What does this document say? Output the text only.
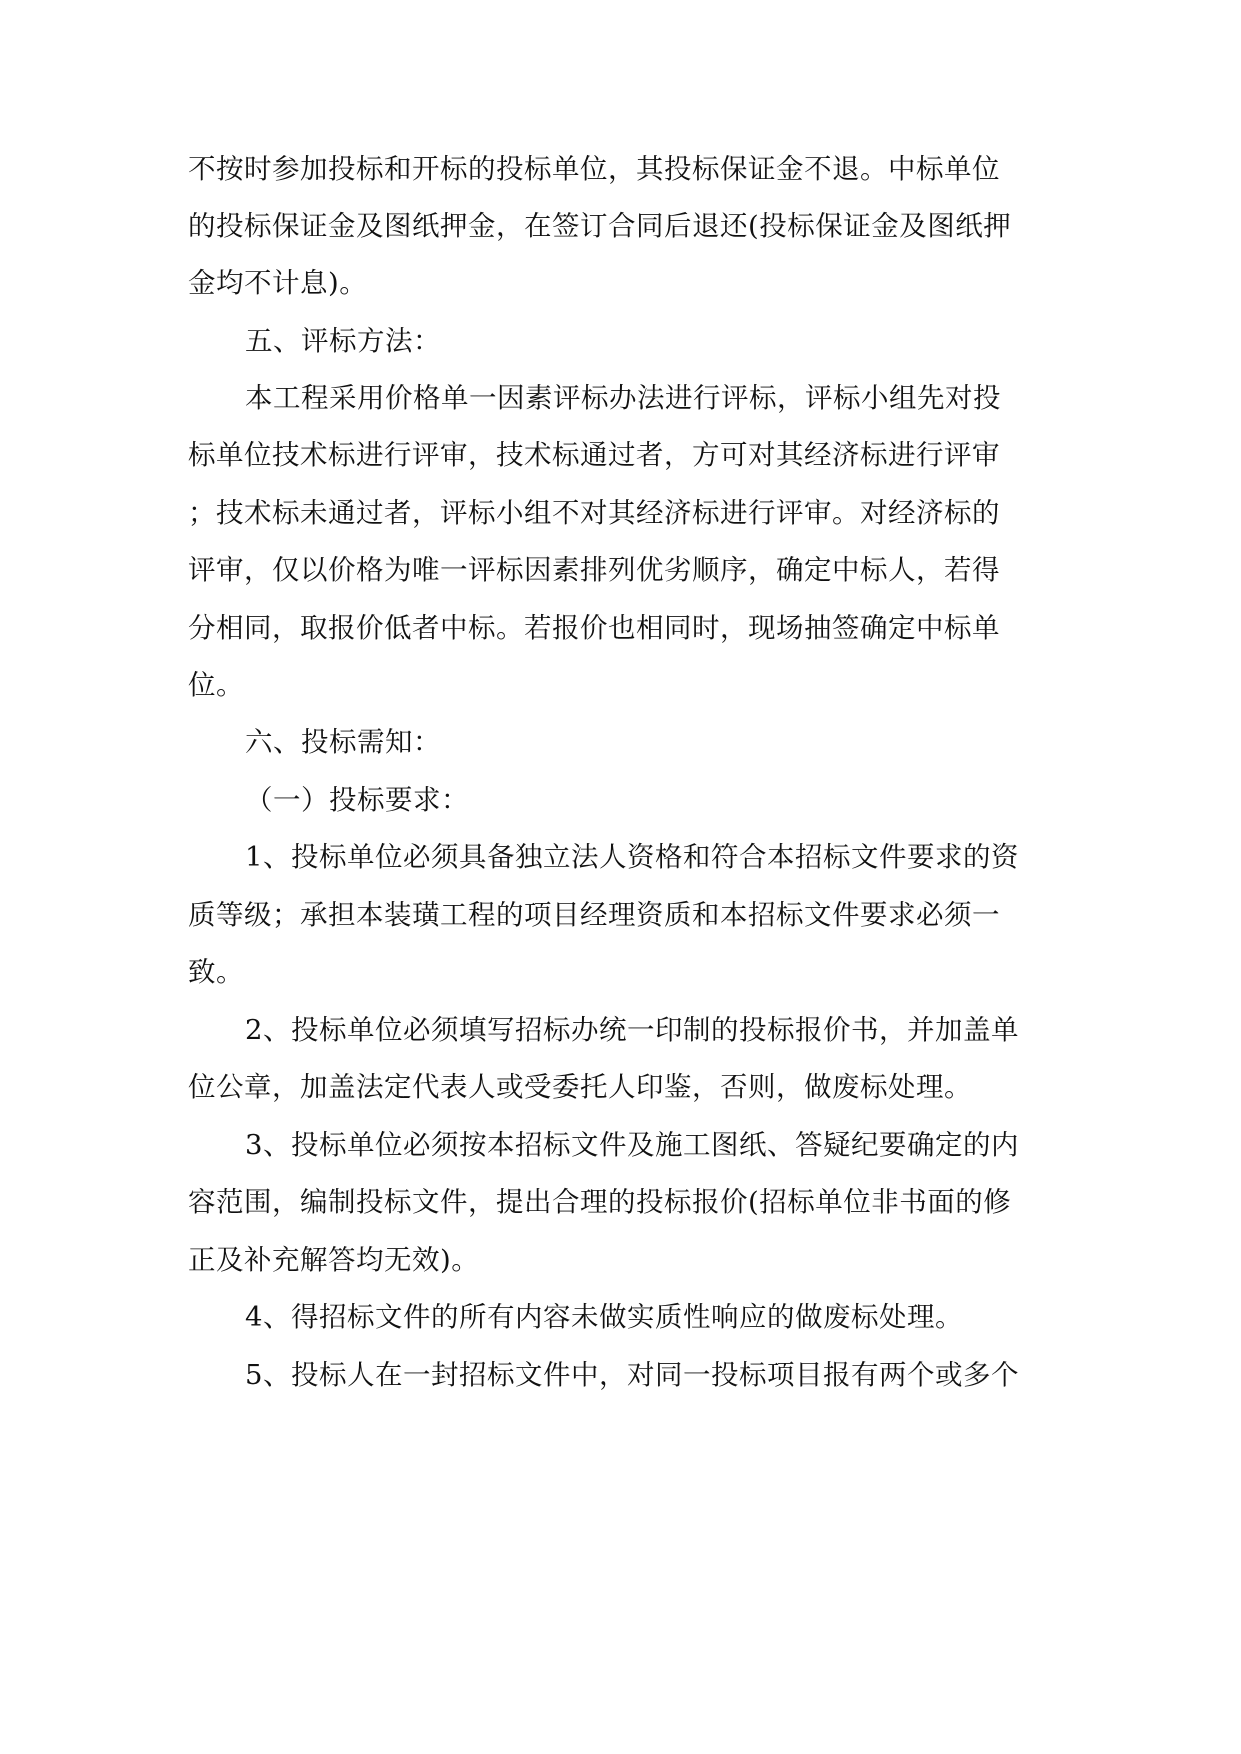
不按时参加投标和开标的投标单位，其投标保证金不退。中标单位
的投标保证金及图纸押金，在签订合同后退还(投标保证金及图纸押
金均不计息)。
五、评标方法：
本工程采用价格单一因素评标办法进行评标，评标小组先对投
标单位技术标进行评审，技术标通过者，方可对其经济标进行评审
；技术标未通过者，评标小组不对其经济标进行评审。对经济标的
评审，仅以价格为唯一评标因素排列优劣顺序，确定中标人，若得
分相同，取报价低者中标。若报价也相同时，现场抽签确定中标单
位。
六、投标需知：
（一）投标要求：
1、投标单位必须具备独立法人资格和符合本招标文件要求的资
质等级；承担本装璜工程的项目经理资质和本招标文件要求必须一
致。
2、投标单位必须填写招标办统一印制的投标报价书，并加盖单
位公章，加盖法定代表人或受委托人印鉴，否则，做废标处理。
3、投标单位必须按本招标文件及施工图纸、答疑纪要确定的内
容范围，编制投标文件，提出合理的投标报价(招标单位非书面的修
正及补充解答均无效)。
4、得招标文件的所有内容未做实质性响应的做废标处理。
5、投标人在一封招标文件中，对同一投标项目报有两个或多个
